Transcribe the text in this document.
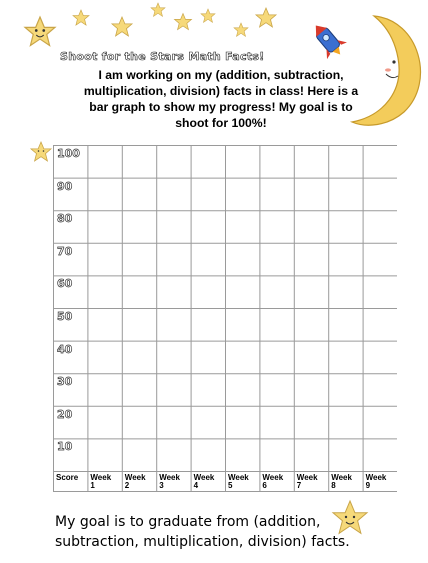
Shoot for the Stars Math Facts!
I am working on my (addition, subtraction, multiplication, division) facts in class! Here is a bar graph to show my progress! My goal is to shoot for 100%!
100
90
80
70
60
50
40
30
20
10
Score Week
1
Week
2
Week
3
Week
4
Week
5
Week
6
Week
7
Week
8
Week
9
My goal is to graduate from (addition,
subtraction, multiplication, division) facts.
